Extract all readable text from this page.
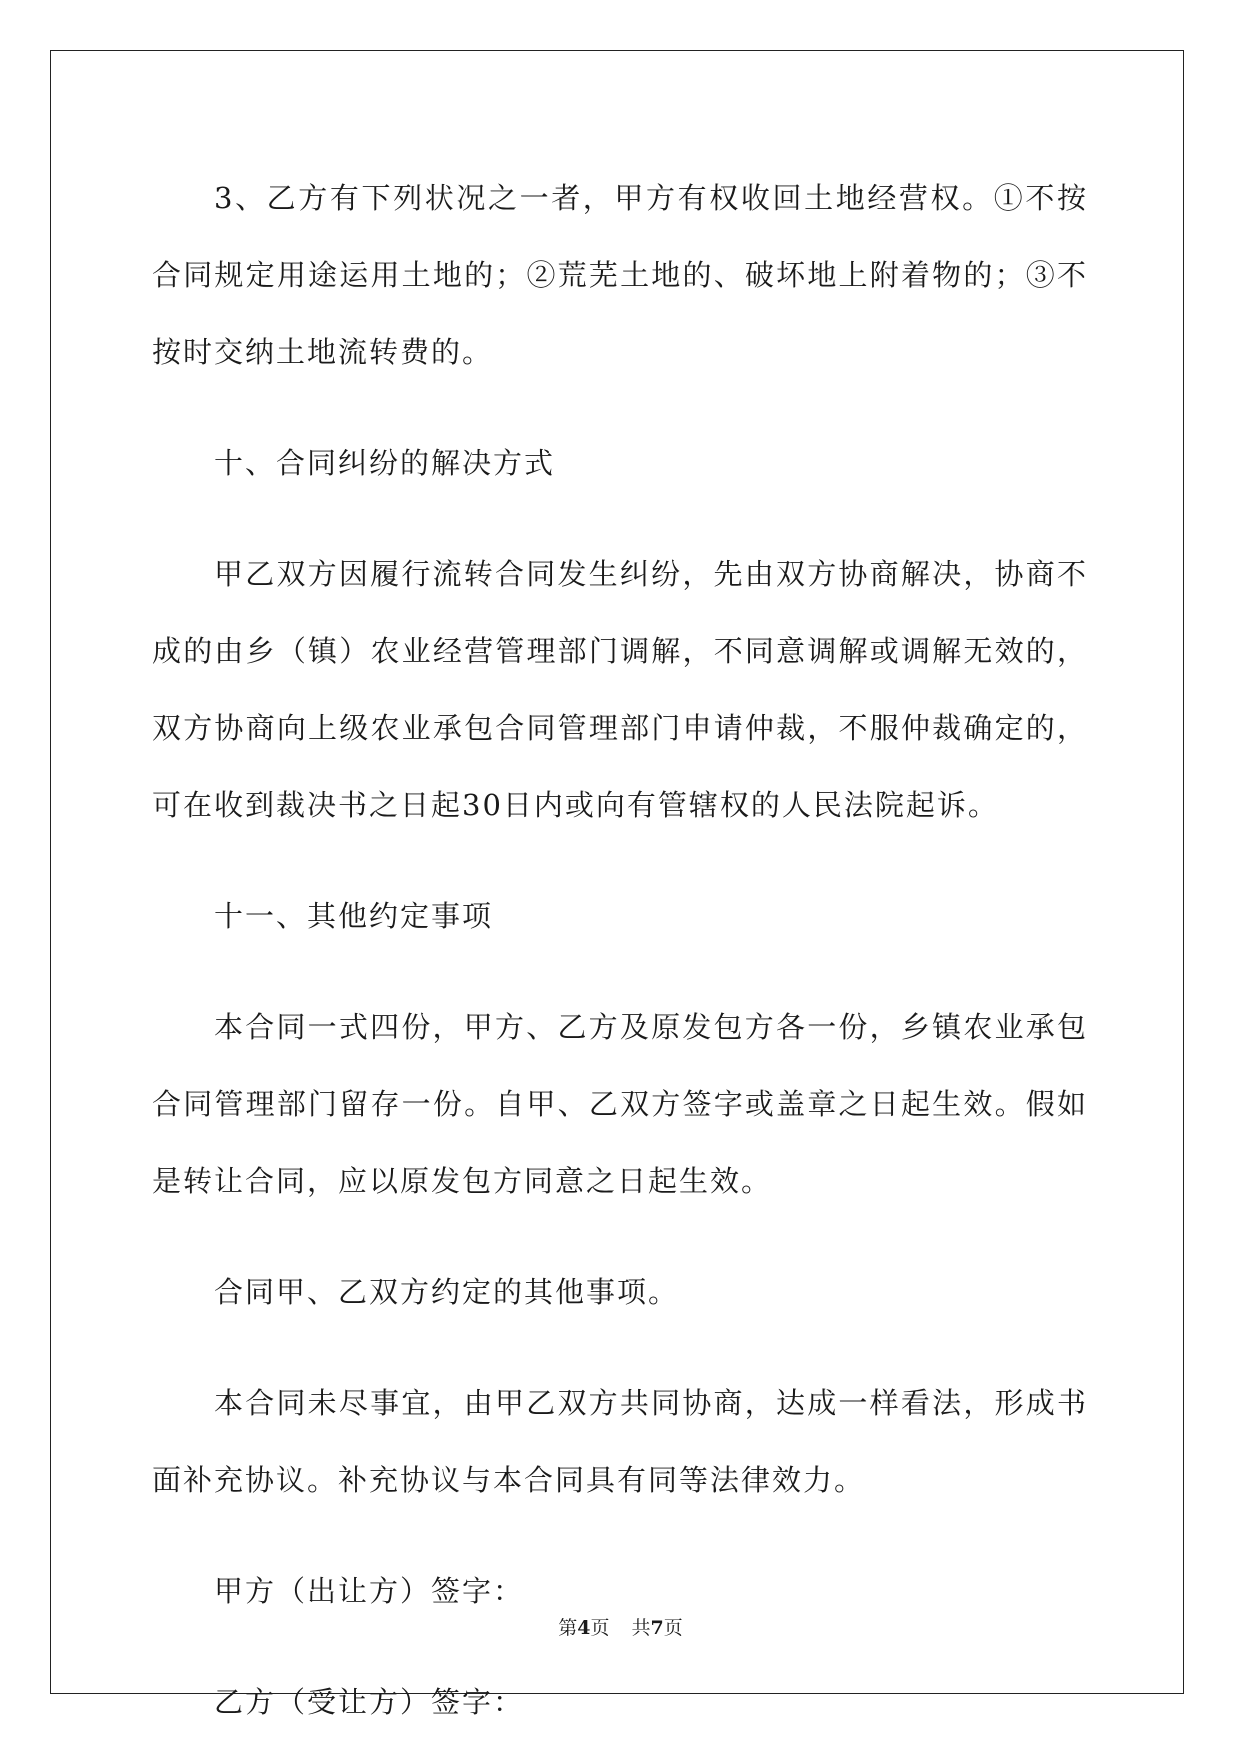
3、乙方有下列状况之一者，甲方有权收回土地经营权。①不按合同规定用途运用土地的；②荒芜土地的、破坏地上附着物的；③不按时交纳土地流转费的。

十、合同纠纷的解决方式

甲乙双方因履行流转合同发生纠纷，先由双方协商解决，协商不成的由乡（镇）农业经营管理部门调解，不同意调解或调解无效的，双方协商向上级农业承包合同管理部门申请仲裁，不服仲裁确定的，可在收到裁决书之日起30日内或向有管辖权的人民法院起诉。

十一、其他约定事项

本合同一式四份，甲方、乙方及原发包方各一份，乡镇农业承包合同管理部门留存一份。自甲、乙双方签字或盖章之日起生效。假如是转让合同，应以原发包方同意之日起生效。

合同甲、乙双方约定的其他事项。

本合同未尽事宜，由甲乙双方共同协商，达成一样看法，形成书面补充协议。补充协议与本合同具有同等法律效力。

甲方（出让方）签字：

乙方（受让方）签字：

第4页 共7页
